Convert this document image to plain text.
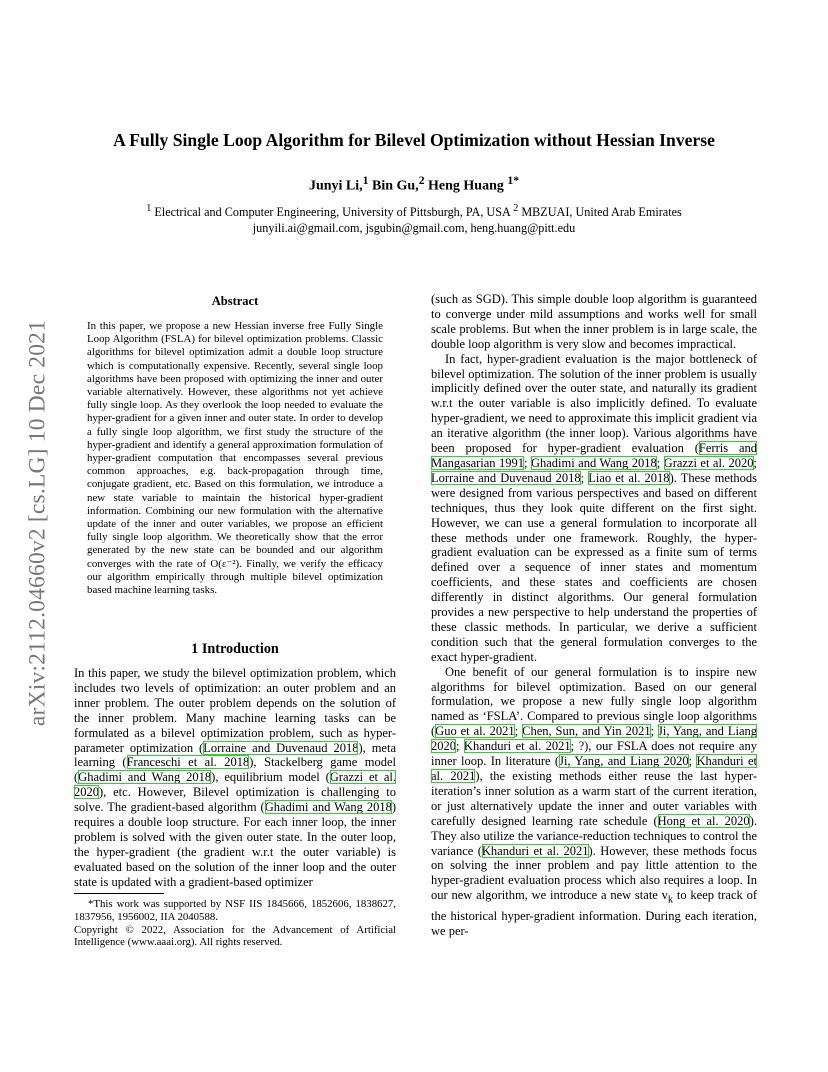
arXiv:2112.04660v2 [cs.LG] 10 Dec 2021
A Fully Single Loop Algorithm for Bilevel Optimization without Hessian Inverse
Junyi Li,$^1$ Bin Gu,$^2$ Heng Huang $^{1*}$
$^1$ Electrical and Computer Engineering, University of Pittsburgh, PA, USA $^2$ MBZUAI, United Arab Emirates
junyili.ai@gmail.com, jsgubin@gmail.com, heng.huang@pitt.edu
Abstract
In this paper, we propose a new Hessian inverse free Fully Single Loop Algorithm (FSLA) for bilevel optimization problems. Classic algorithms for bilevel optimization admit a double loop structure which is computationally expensive. Recently, several single loop algorithms have been proposed with optimizing the inner and outer variable alternatively. However, these algorithms not yet achieve fully single loop. As they overlook the loop needed to evaluate the hyper-gradient for a given inner and outer state. In order to develop a fully single loop algorithm, we first study the structure of the hyper-gradient and identify a general approximation formulation of hyper-gradient computation that encompasses several previous common approaches, e.g. back-propagation through time, conjugate gradient, etc. Based on this formulation, we introduce a new state variable to maintain the historical hyper-gradient information. Combining our new formulation with the alternative update of the inner and outer variables, we propose an efficient fully single loop algorithm. We theoretically show that the error generated by the new state can be bounded and our algorithm converges with the rate of O(ε⁻²). Finally, we verify the efficacy our algorithm empirically through multiple bilevel optimization based machine learning tasks.
1 Introduction

In this paper, we study the bilevel optimization problem, which includes two levels of optimization: an outer problem and an inner problem. The outer problem depends on the solution of the inner problem. Many machine learning tasks can be formulated as a bilevel optimization problem, such as hyper-parameter optimization (Lorraine and Duvenaud 2018), meta learning (Franceschi et al. 2018), Stackelberg game model (Ghadimi and Wang 2018), equilibrium model (Grazzi et al. 2020), etc. However, Bilevel optimization is challenging to solve. The gradient-based algorithm (Ghadimi and Wang 2018) requires a double loop structure. For each inner loop, the inner problem is solved with the given outer state. In the outer loop, the hyper-gradient (the gradient w.r.t the outer variable) is evaluated based on the solution of the inner loop and the outer state is updated with a gradient-based optimizer

*This work was supported by NSF IIS 1845666, 1852606, 1838627, 1837956, 1956002, IIA 2040588.

Copyright © 2022, Association for the Advancement of Artificial Intelligence (www.aaai.org). All rights reserved.

(such as SGD). This simple double loop algorithm is guaranteed to converge under mild assumptions and works well for small scale problems. But when the inner problem is in large scale, the double loop algorithm is very slow and becomes impractical.

In fact, hyper-gradient evaluation is the major bottleneck of bilevel optimization. The solution of the inner problem is usually implicitly defined over the outer state, and naturally its gradient w.r.t the outer variable is also implicitly defined. To evaluate hyper-gradient, we need to approximate this implicit gradient via an iterative algorithm (the inner loop). Various algorithms have been proposed for hyper-gradient evaluation (Ferris and Mangasarian 1991; Ghadimi and Wang 2018; Grazzi et al. 2020; Lorraine and Duvenaud 2018; Liao et al. 2018). These methods were designed from various perspectives and based on different techniques, thus they look quite different on the first sight. However, we can use a general formulation to incorporate all these methods under one framework. Roughly, the hyper-gradient evaluation can be expressed as a finite sum of terms defined over a sequence of inner states and momentum coefficients, and these states and coefficients are chosen differently in distinct algorithms. Our general formulation provides a new perspective to help understand the properties of these classic methods. In particular, we derive a sufficient condition such that the general formulation converges to the exact hyper-gradient.

One benefit of our general formulation is to inspire new algorithms for bilevel optimization. Based on our general formulation, we propose a new fully single loop algorithm named as ‘FSLA’. Compared to previous single loop algorithms (Guo et al. 2021; Chen, Sun, and Yin 2021; Ji, Yang, and Liang 2020; Khanduri et al. 2021; ?), our FSLA does not require any inner loop. In literature (Ji, Yang, and Liang 2020; Khanduri et al. 2021), the existing methods either reuse the last hyper-iteration’s inner solution as a warm start of the current iteration, or just alternatively update the inner and outer variables with carefully designed learning rate schedule (Hong et al. 2020). They also utilize the variance-reduction techniques to control the variance (Khanduri et al. 2021). However, these methods focus on solving the inner problem and pay little attention to the hyper-gradient evaluation process which also requires a loop. In our new algorithm, we introduce a new state $v_k$ to keep track of the historical hyper-gradient information. During each iteration, we per-
